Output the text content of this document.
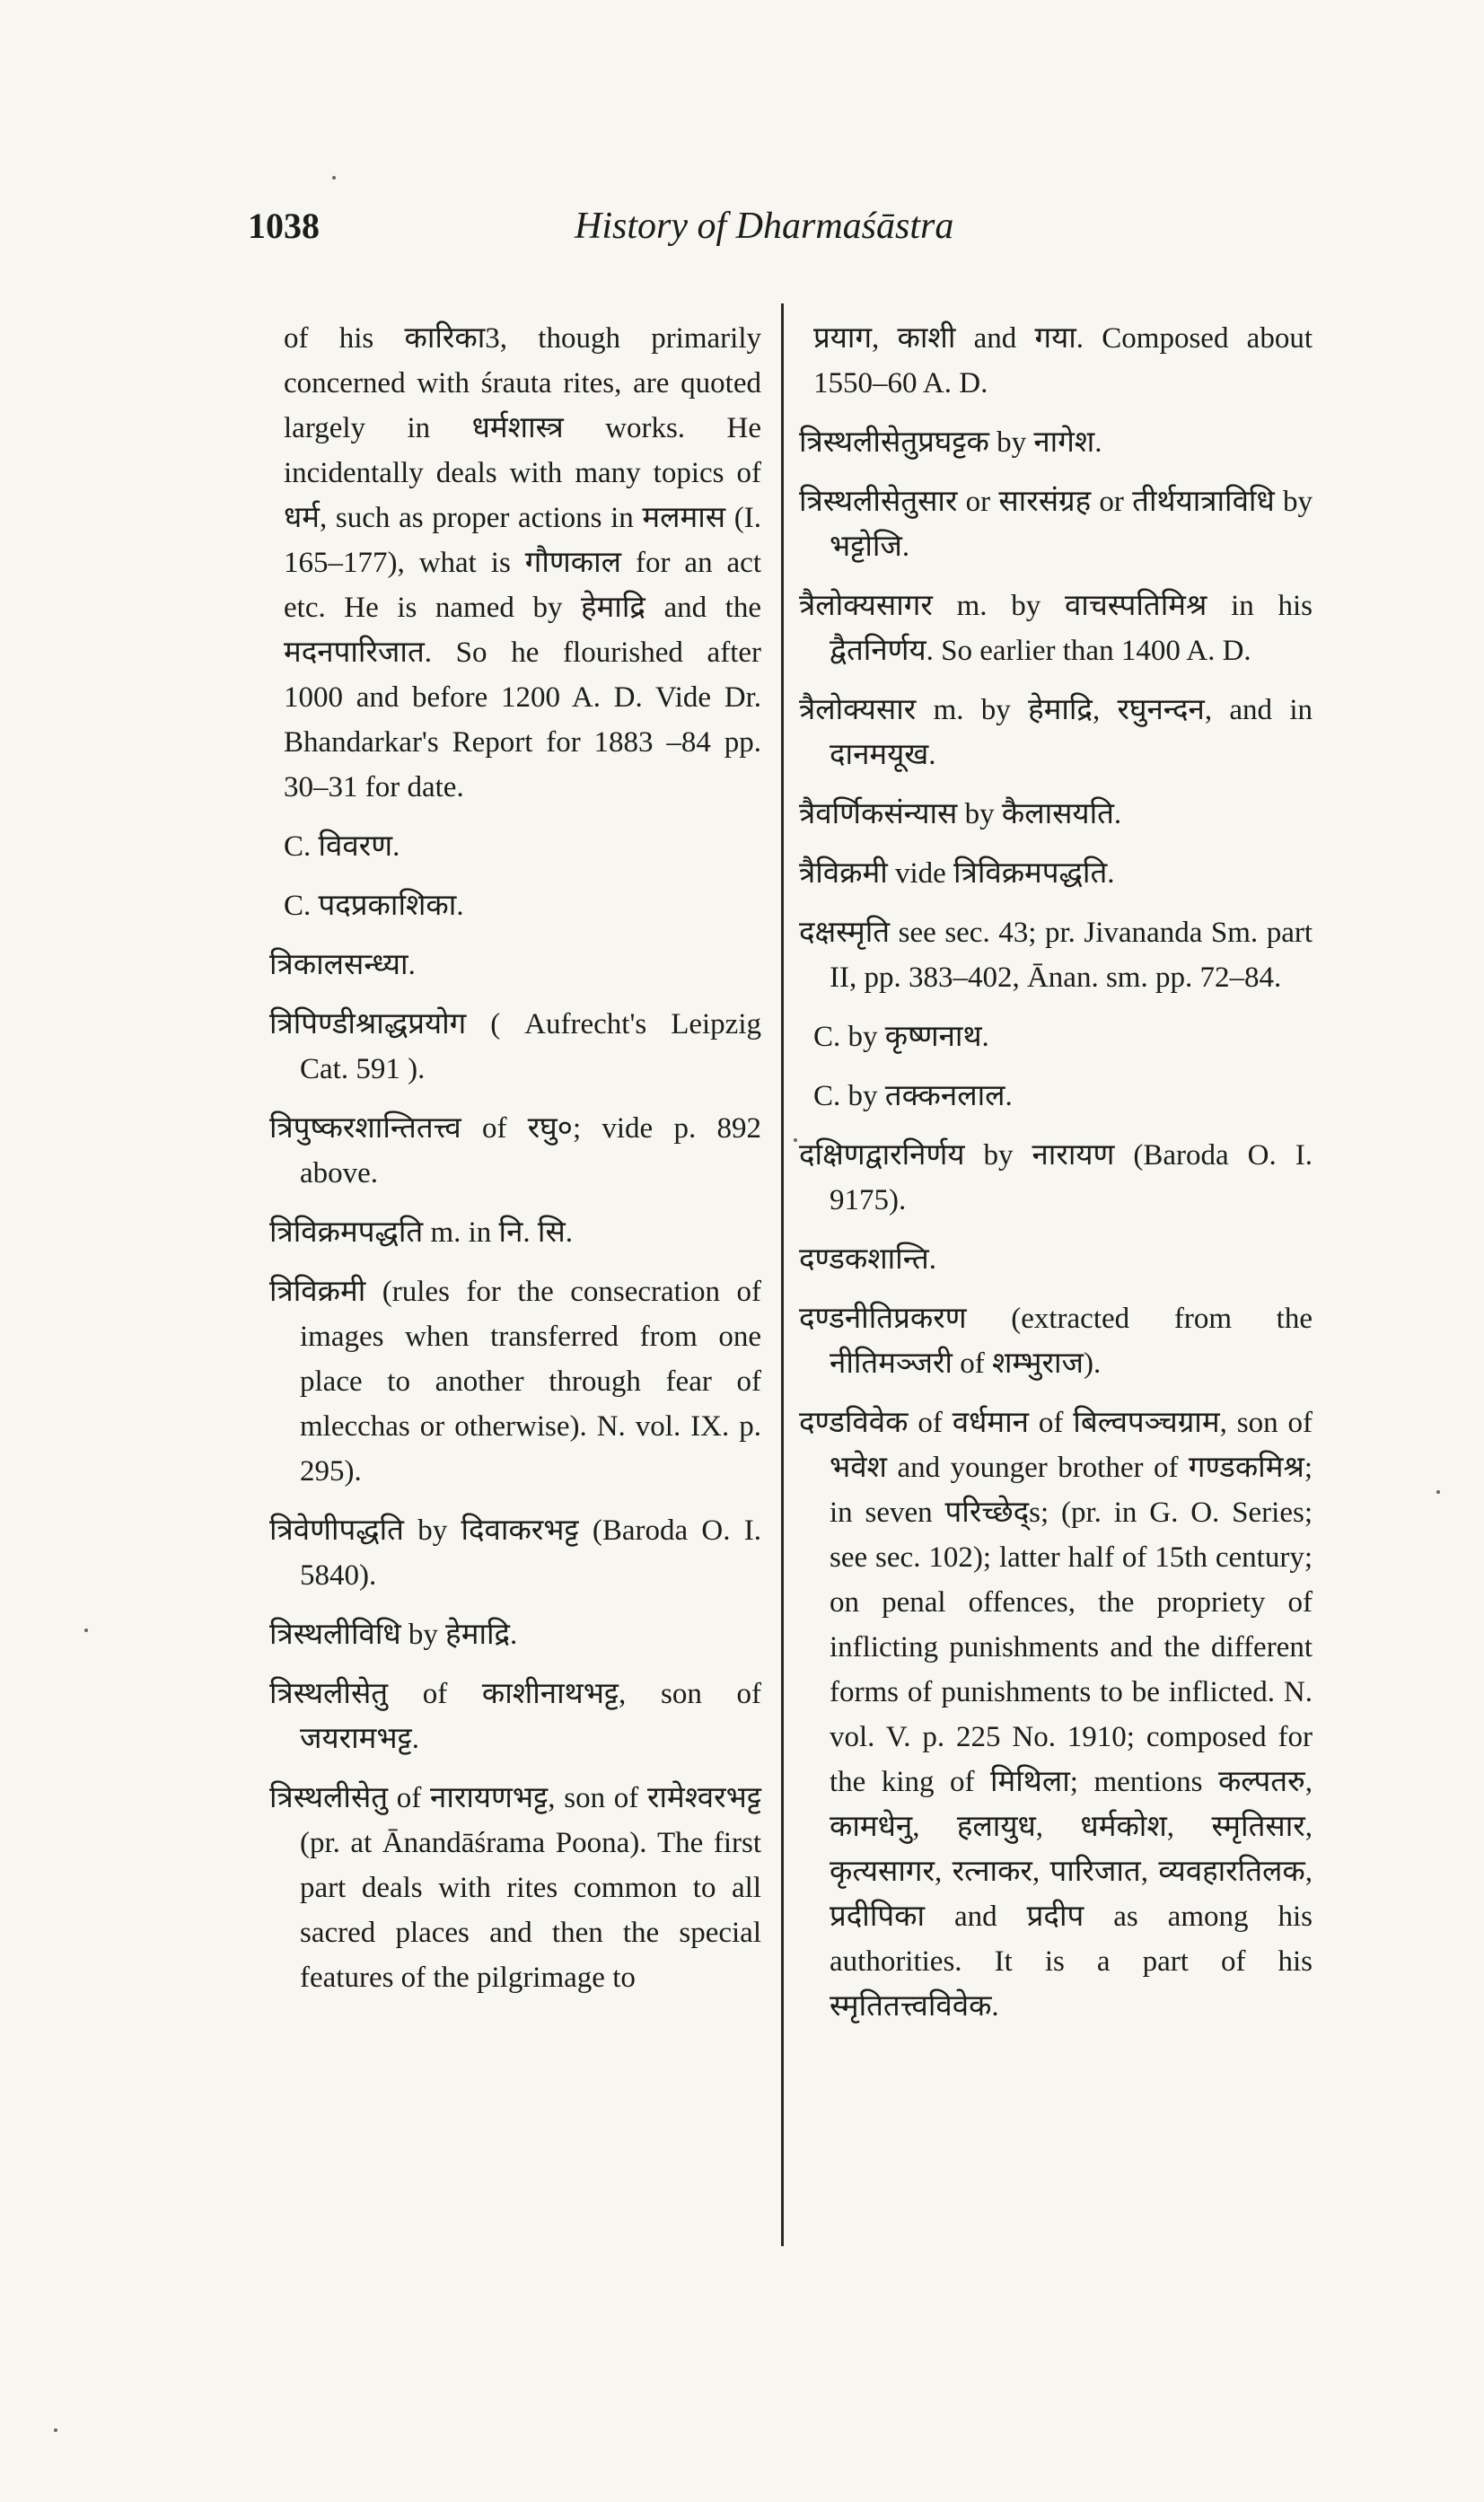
1038	History of Dharmaśāstra

of his कारिका3, though primarily concerned with śrauta rites, are quoted largely in धर्मशास्त्र works. He incidentally deals with many topics of धर्म, such as proper actions in मलमास (I. 165–177), what is गौणकाल for an act etc. He is named by हेमाद्रि and the मदनपारिजात. So he flourished after 1000 and before 1200 A. D. Vide Dr. Bhandarkar's Report for 1883 –84 pp. 30–31 for date.

C. विवरण.

C. पदप्रकाशिका.

त्रिकालसन्ध्या.

त्रिपिण्डीश्राद्धप्रयोग ( Aufrecht's Leipzig Cat. 591 ).

त्रिपुष्करशान्तितत्त्व of रघु०; vide p. 892 above.

त्रिविक्रमपद्धति m. in नि. सि.

त्रिविक्रमी (rules for the consecration of images when transferred from one place to another through fear of mlecchas or otherwise). N. vol. IX. p. 295).

त्रिवेणीपद्धति by दिवाकरभट्ट (Baroda O. I. 5840).

त्रिस्थलीविधि by हेमाद्रि.

त्रिस्थलीसेतु of काशीनाथभट्ट, son of जयरामभट्ट.

त्रिस्थलीसेतु of नारायणभट्ट, son of रामेश्वरभट्ट (pr. at Ānandāśrama Poona). The first part deals with rites common to all sacred places and then the special features of the pilgrimage to

प्रयाग, काशी and गया. Composed about 1550–60 A. D.

त्रिस्थलीसेतुप्रघट्टक by नागेश.

त्रिस्थलीसेतुसार or सारसंग्रह or तीर्थयात्राविधि by भट्टोजि.

त्रैलोक्यसागर m. by वाचस्पतिमिश्र in his द्वैतनिर्णय. So earlier than 1400 A. D.

त्रैलोक्यसार m. by हेमाद्रि, रघुनन्दन, and in दानमयूख.

त्रैवर्णिकसंन्यास by कैलासयति.

त्रैविक्रमी vide त्रिविक्रमपद्धति.

दक्षस्मृति see sec. 43; pr. Jivananda Sm. part II, pp. 383–402, Ānan. sm. pp. 72–84.

C. by कृष्णनाथ.

C. by तक्कनलाल.

दक्षिणद्वारनिर्णय by नारायण (Baroda O. I. 9175).

दण्डकशान्ति.

दण्डनीतिप्रकरण (extracted from the नीतिमञ्जरी of शम्भुराज).

दण्डविवेक of वर्धमान of बिल्वपञ्चग्राम, son of भवेश and younger brother of गण्डकमिश्र; in seven परिच्छेद्s; (pr. in G. O. Series; see sec. 102); latter half of 15th century; on penal offences, the propriety of inflicting punishments and the different forms of punishments to be inflicted. N. vol. V. p. 225 No. 1910; composed for the king of मिथिला; mentions कल्पतरु, कामधेनु, हलायुध, धर्मकोश, स्मृतिसार, कृत्यसागर, रत्नाकर, पारिजात, व्यवहारतिलक, प्रदीपिका and प्रदीप as among his authorities. It is a part of his स्मृतितत्त्वविवेक.
